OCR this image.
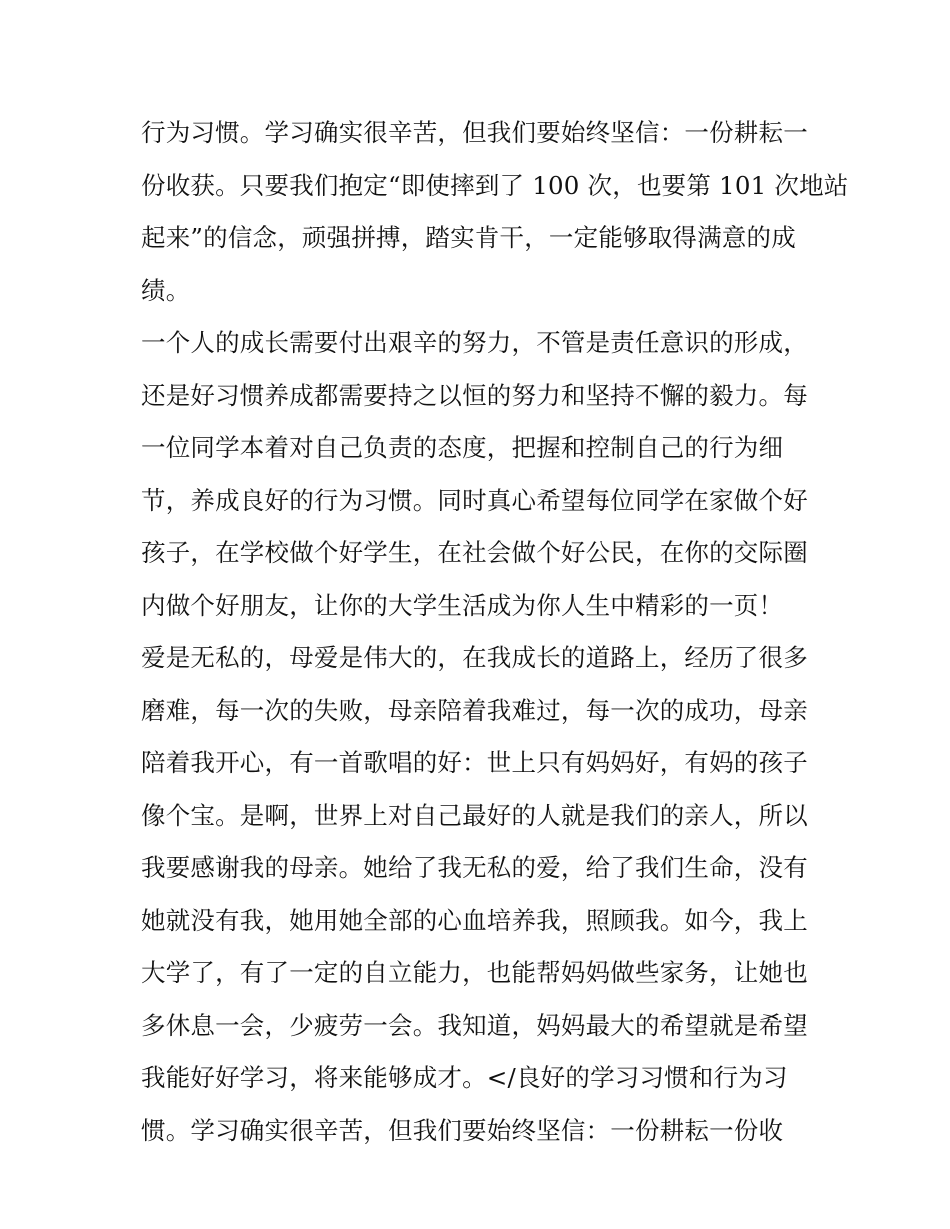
行为习惯。学习确实很辛苦，但我们要始终坚信：一份耕耘一
份收获。只要我们抱定“即使摔到了 100 次，也要第 101 次地站
起来”的信念，顽强拼搏，踏实肯干，一定能够取得满意的成
绩。
一个人的成长需要付出艰辛的努力，不管是责任意识的形成，
还是好习惯养成都需要持之以恒的努力和坚持不懈的毅力。每
一位同学本着对自己负责的态度，把握和控制自己的行为细
节，养成良好的行为习惯。同时真心希望每位同学在家做个好
孩子，在学校做个好学生，在社会做个好公民，在你的交际圈
内做个好朋友，让你的大学生活成为你人生中精彩的一页！
爱是无私的，母爱是伟大的，在我成长的道路上，经历了很多
磨难，每一次的失败，母亲陪着我难过，每一次的成功，母亲
陪着我开心，有一首歌唱的好：世上只有妈妈好，有妈的孩子
像个宝。是啊，世界上对自己最好的人就是我们的亲人，所以
我要感谢我的母亲。她给了我无私的爱，给了我们生命，没有
她就没有我，她用她全部的心血培养我，照顾我。如今，我上
大学了，有了一定的自立能力，也能帮妈妈做些家务，让她也
多休息一会，少疲劳一会。我知道，妈妈最大的希望就是希望
我能好好学习，将来能够成才。</良好的学习习惯和行为习
惯。学习确实很辛苦，但我们要始终坚信：一份耕耘一份收
